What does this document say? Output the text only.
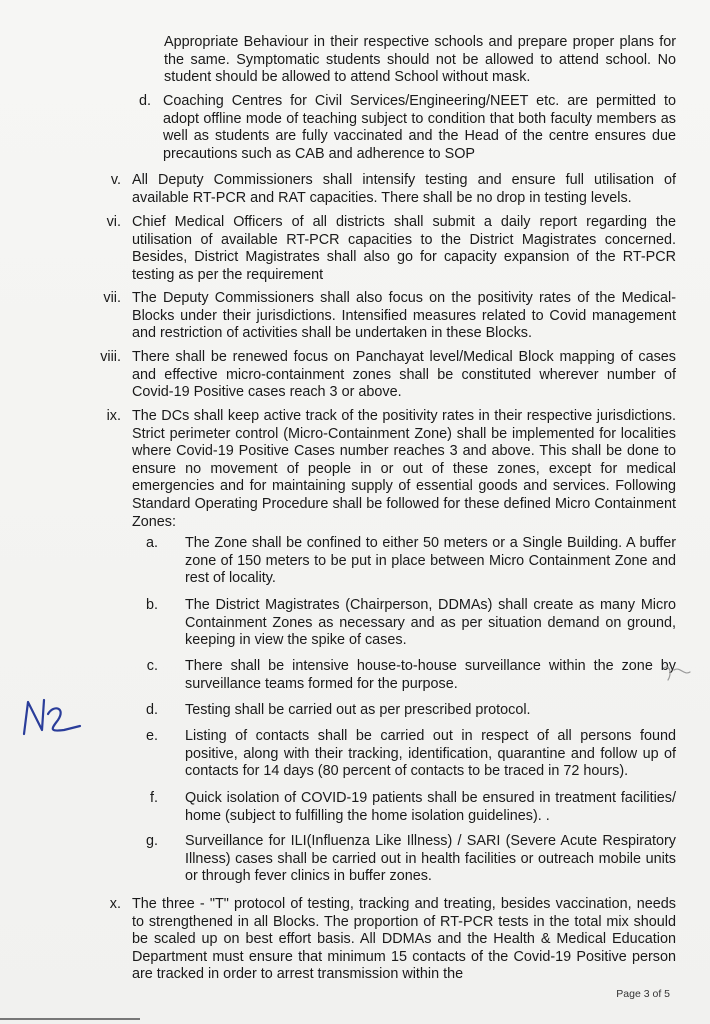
Appropriate Behaviour in their respective schools and prepare proper plans for the same. Symptomatic students should not be allowed to attend school. No student should be allowed to attend School without mask.

d. Coaching Centres for Civil Services/Engineering/NEET etc. are permitted to adopt offline mode of teaching subject to condition that both faculty members as well as students are fully vaccinated and the Head of the centre ensures due precautions such as CAB and adherence to SOP

v. All Deputy Commissioners shall intensify testing and ensure full utilisation of available RT-PCR and RAT capacities. There shall be no drop in testing levels.

vi. Chief Medical Officers of all districts shall submit a daily report regarding the utilisation of available RT-PCR capacities to the District Magistrates concerned. Besides, District Magistrates shall also go for capacity expansion of the RT-PCR testing as per the requirement

vii. The Deputy Commissioners shall also focus on the positivity rates of the Medical-Blocks under their jurisdictions. Intensified measures related to Covid management and restriction of activities shall be undertaken in these Blocks.

viii. There shall be renewed focus on Panchayat level/Medical Block mapping of cases and effective micro-containment zones shall be constituted wherever number of Covid-19 Positive cases reach 3 or above.

ix. The DCs shall keep active track of the positivity rates in their respective jurisdictions. Strict perimeter control (Micro-Containment Zone) shall be implemented for localities where Covid-19 Positive Cases number reaches 3 and above. This shall be done to ensure no movement of people in or out of these zones, except for medical emergencies and for maintaining supply of essential goods and services. Following Standard Operating Procedure shall be followed for these defined Micro Containment Zones:

a. The Zone shall be confined to either 50 meters or a Single Building. A buffer zone of 150 meters to be put in place between Micro Containment Zone and rest of locality.

b. The District Magistrates (Chairperson, DDMAs) shall create as many Micro Containment Zones as necessary and as per situation demand on ground, keeping in view the spike of cases.

c. There shall be intensive house-to-house surveillance within the zone by surveillance teams formed for the purpose.

d. Testing shall be carried out as per prescribed protocol.

e. Listing of contacts shall be carried out in respect of all persons found positive, along with their tracking, identification, quarantine and follow up of contacts for 14 days (80 percent of contacts to be traced in 72 hours).

f. Quick isolation of COVID-19 patients shall be ensured in treatment facilities/ home (subject to fulfilling the home isolation guidelines). .

g. Surveillance for ILI(Influenza Like Illness) / SARI (Severe Acute Respiratory Illness) cases shall be carried out in health facilities or outreach mobile units or through fever clinics in buffer zones.

x. The three - "T" protocol of testing, tracking and treating, besides vaccination, needs to strengthened in all Blocks. The proportion of RT-PCR tests in the total mix should be scaled up on best effort basis. All DDMAs and the Health & Medical Education Department must ensure that minimum 15 contacts of the Covid-19 Positive person are tracked in order to arrest transmission within the

Page 3 of 5
